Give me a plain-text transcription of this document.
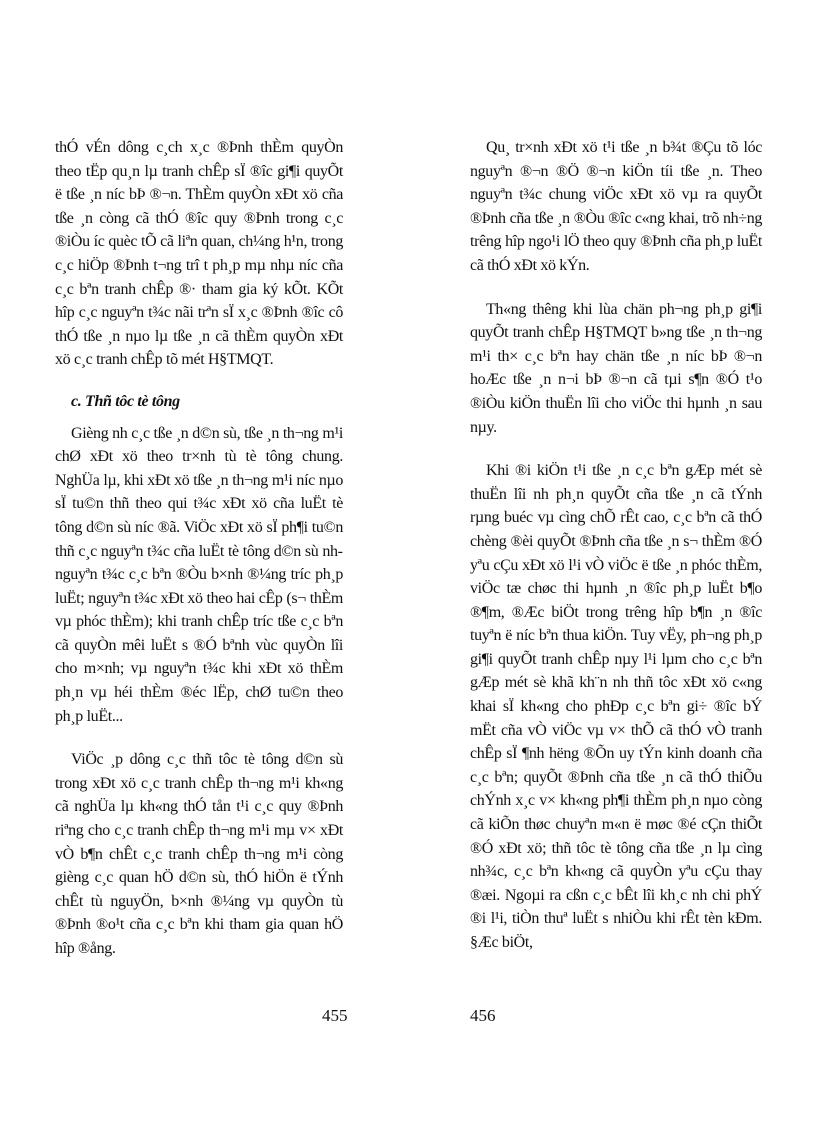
thÓ vÉn dông c¸ch x¸c ®Þnh thÈm quyÒn theo tËp qu¸n lµ tranh chÊp sÏ ®îc gi¶i quyÕt ë tße ¸n níc bÞ ®¬n. ThÈm quyÒn xÐt xö cña tße ¸n còng cã thÓ ®îc quy ®Þnh trong c¸c ®iÒu íc quèc tÕ cã liªn quan, ch¼ng h¹n, trong c¸c hiÖp ®Þnh t¬ng trî t ph¸p mµ nhµ níc cña c¸c bªn tranh chÊp ®· tham gia ký kÕt. KÕt hîp c¸c nguyªn t¾c nãi trªn sÏ x¸c ®Þnh ®îc cô thÓ tße ¸n nµo lµ tße ¸n cã thÈm quyÒn xÐt xö c¸c tranh chÊp tõ mét H§TMQT.

c. Thñ tôc tè tông

Gièng nh c¸c tße ¸n d©n sù, tße ¸n th¬ng m¹i chØ xÐt xö theo tr×nh tù tè tông chung. NghÜa lµ, khi xÐt xö tße ¸n th¬ng m¹i níc nµo sÏ tu©n thñ theo qui t¾c xÐt xö cña luËt tè tông d©n sù níc ®ã. ViÖc xÐt xö sÏ ph¶i tu©n thñ c¸c nguyªn t¾c cña luËt tè tông d©n sù nh nguyªn t¾c c¸c bªn ®Òu b×nh ®¼ng tríc ph¸p luËt; nguyªn t¾c xÐt xö theo hai cÊp (s¬ thÈm vµ phóc thÈm); khi tranh chÊp tríc tße c¸c bªn cã quyÒn mêi luËt s ®Ó bªnh vùc quyÒn lîi cho m×nh; vµ nguyªn t¾c khi xÐt xö thÈm ph¸n vµ héi thÈm ®éc lËp, chØ tu©n theo ph¸p luËt...

ViÖc ¸p dông c¸c thñ tôc tè tông d©n sù trong xÐt xö c¸c tranh chÊp th¬ng m¹i kh«ng cã nghÜa lµ kh«ng thÓ tån t¹i c¸c quy ®Þnh riªng cho c¸c tranh chÊp th¬ng m¹i mµ v× xÐt vÒ b¶n chÊt c¸c tranh chÊp th¬ng m¹i còng gièng c¸c quan hÖ d©n sù, thÓ hiÖn ë tÝnh chÊt tù nguyÖn, b×nh ®¼ng vµ quyÒn tù ®Þnh ®o¹t cña c¸c bªn khi tham gia quan hÖ hîp ®ång.

Qu¸ tr×nh xÐt xö t¹i tße ¸n b¾t ®Çu tõ lóc nguyªn ®¬n ®Ö ®¬n kiÖn tíi tße ¸n. Theo nguyªn t¾c chung viÖc xÐt xö vµ ra quyÕt ®Þnh cña tße ¸n ®Òu ®îc c«ng khai, trõ nh÷ng trêng hîp ngo¹i lÖ theo quy ®Þnh cña ph¸p luËt cã thÓ xÐt xö kÝn.

Th«ng thêng khi lùa chän ph¬ng ph¸p gi¶i quyÕt tranh chÊp H§TMQT b»ng tße ¸n th¬ng m¹i th× c¸c bªn hay chän tße ¸n níc bÞ ®¬n hoÆc tße ¸n n¬i bÞ ®¬n cã tµi s¶n ®Ó t¹o ®iÒu kiÖn thuËn lîi cho viÖc thi hµnh ¸n sau nµy.

Khi ®i kiÖn t¹i tße ¸n c¸c bªn gÆp mét sè thuËn lîi nh ph¸n quyÕt cña tße ¸n cã tÝnh rµng buéc vµ cìng chÕ rÊt cao, c¸c bªn cã thÓ chèng ®èi quyÕt ®Þnh cña tße ¸n s¬ thÈm ®Ó yªu cÇu xÐt xö l¹i vÒ viÖc ë tße ¸n phóc thÈm, viÖc tæ chøc thi hµnh ¸n ®îc ph¸p luËt b¶o ®¶m, ®Æc biÖt trong trêng hîp b¶n ¸n ®îc tuyªn ë níc bªn thua kiÖn. Tuy vËy, ph¬ng ph¸p gi¶i quyÕt tranh chÊp nµy l¹i lµm cho c¸c bªn gÆp mét sè khã kh¨n nh thñ tôc xÐt xö c«ng khai sÏ kh«ng cho phÐp c¸c bªn gi÷ ®îc bÝ mËt cña vÒ viÖc vµ v× thÕ cã thÓ vÒ tranh chÊp sÏ ¶nh hëng ®Õn uy tÝn kinh doanh cña c¸c bªn; quyÕt ®Þnh cña tße ¸n cã thÓ thiÕu chÝnh x¸c v× kh«ng ph¶i thÈm ph¸n nµo còng cã kiÕn thøc chuyªn m«n ë møc ®é cÇn thiÕt ®Ó xÐt xö; thñ tôc tè tông cña tße ¸n lµ cìng nh¾c, c¸c bªn kh«ng cã quyÒn yªu cÇu thay ®æi. Ngoµi ra cßn c¸c bÊt lîi kh¸c nh chi phÝ ®i l¹i, tiÒn thuª luËt s nhiÒu khi rÊt tèn kÐm. §Æc biÖt,

455	456
